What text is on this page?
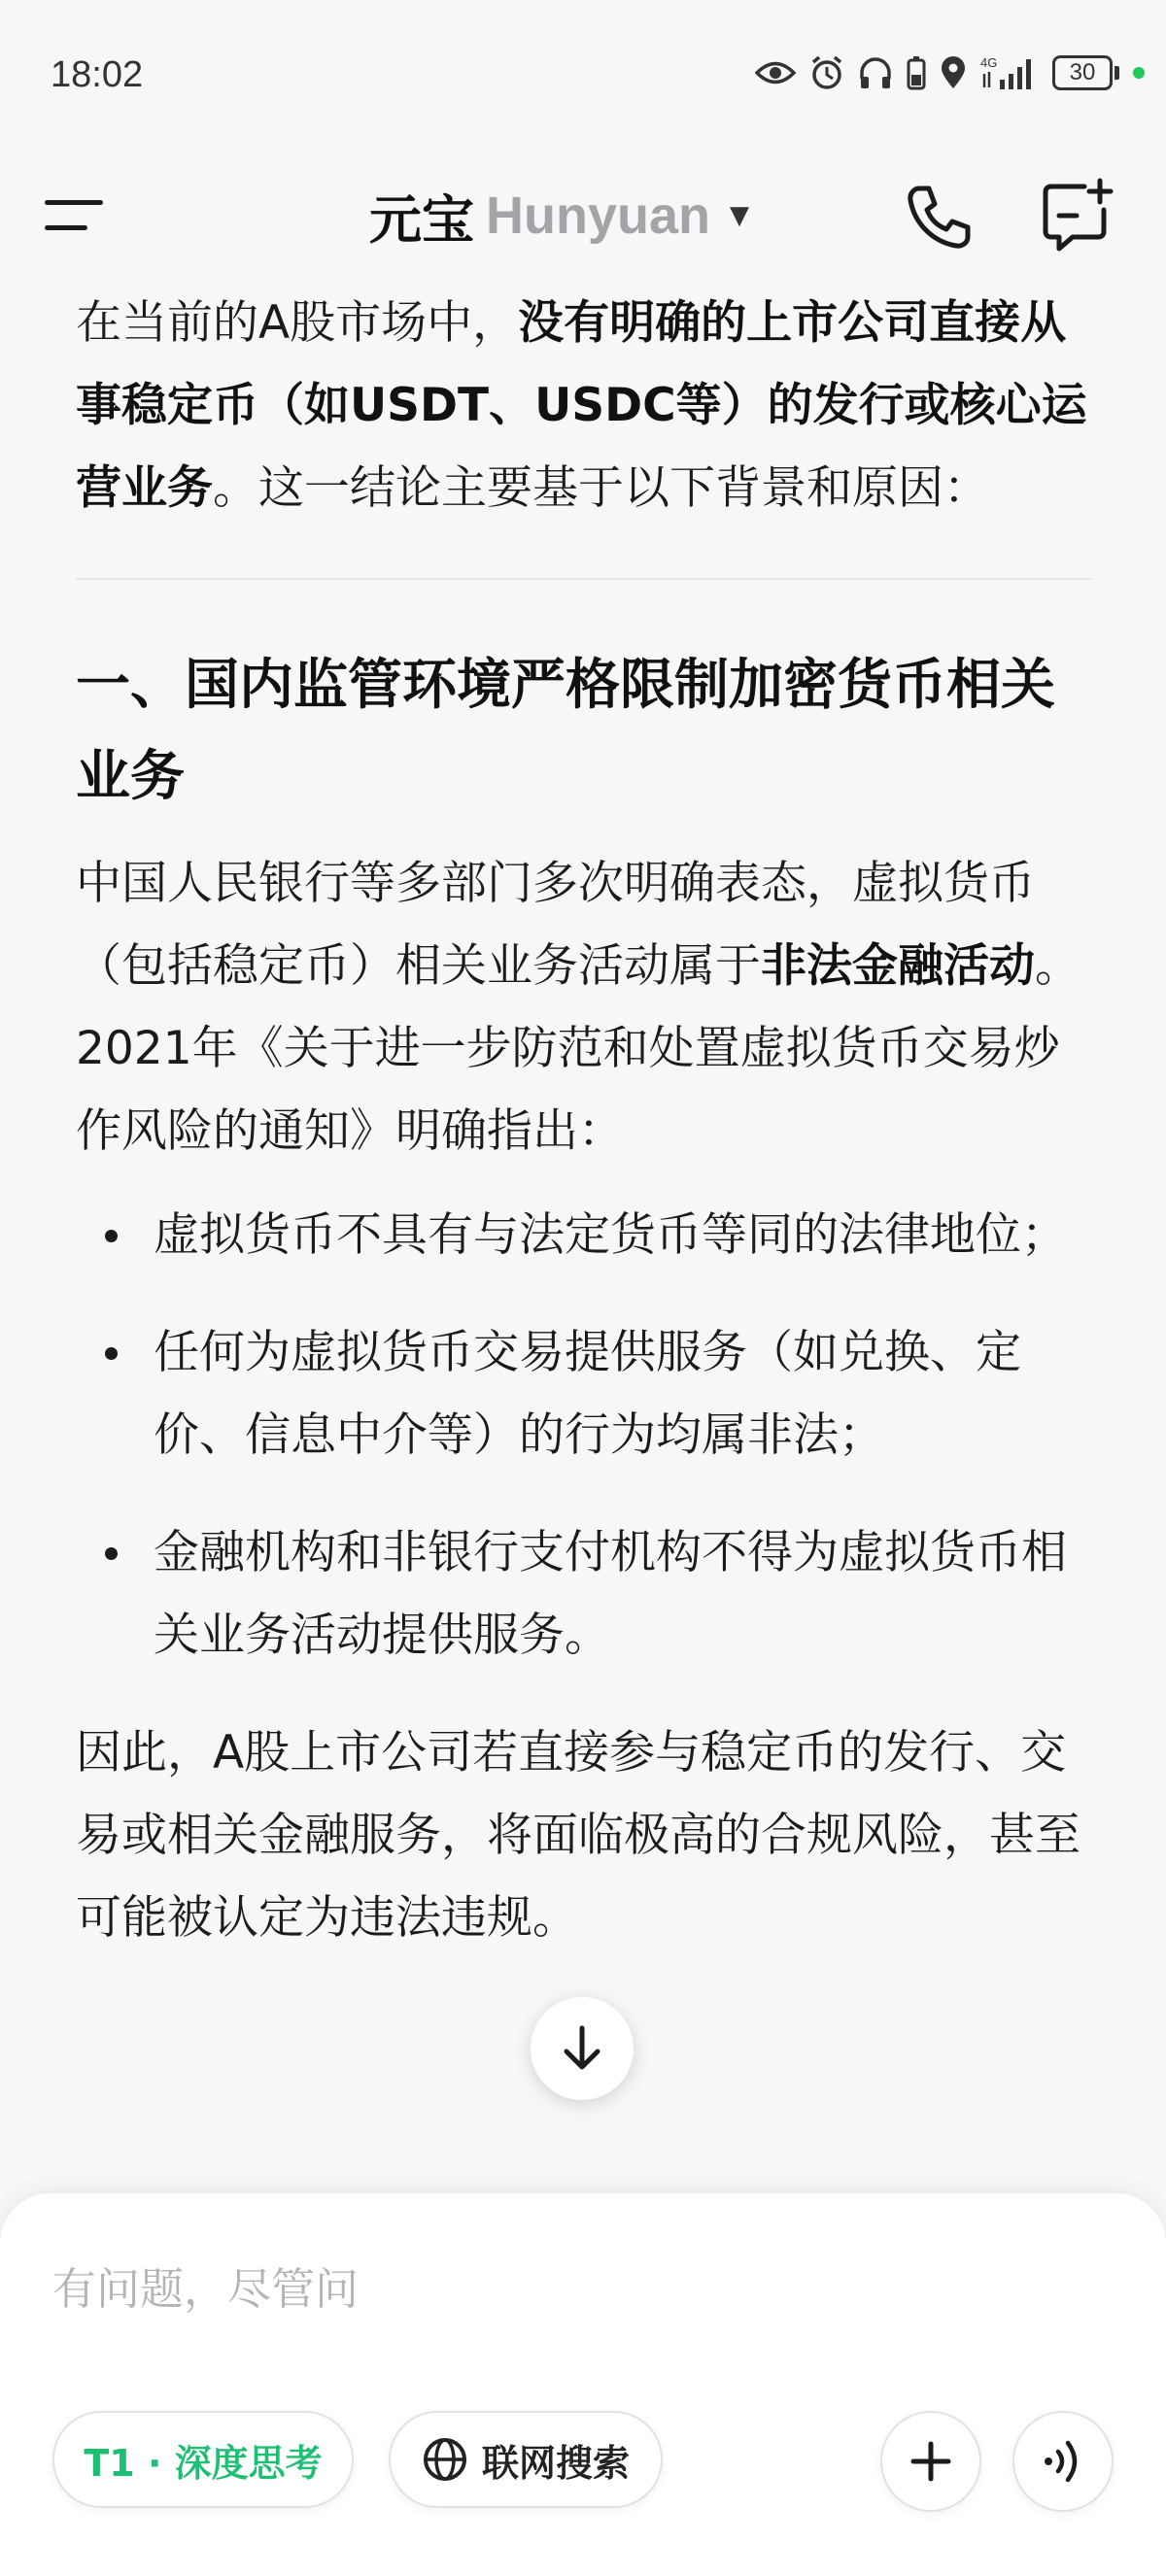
18:02	4G	30
元宝 Hunyuan ▼

在当前的A股市场中，没有明确的上市公司直接从事稳定币（如USDT、USDC等）的发行或核心运营业务。这一结论主要基于以下背景和原因：

一、国内监管环境严格限制加密货币相关业务

中国人民银行等多部门多次明确表态，虚拟货币（包括稳定币）相关业务活动属于非法金融活动。2021年《关于进一步防范和处置虚拟货币交易炒作风险的通知》明确指出：

虚拟货币不具有与法定货币等同的法律地位；
任何为虚拟货币交易提供服务（如兑换、定价、信息中介等）的行为均属非法；
金融机构和非银行支付机构不得为虚拟货币相关业务活动提供服务。

因此，A股上市公司若直接参与稳定币的发行、交易或相关金融服务，将面临极高的合规风险，甚至可能被认定为违法违规。

有问题，尽管问
T1 · 深度思考	联网搜索
